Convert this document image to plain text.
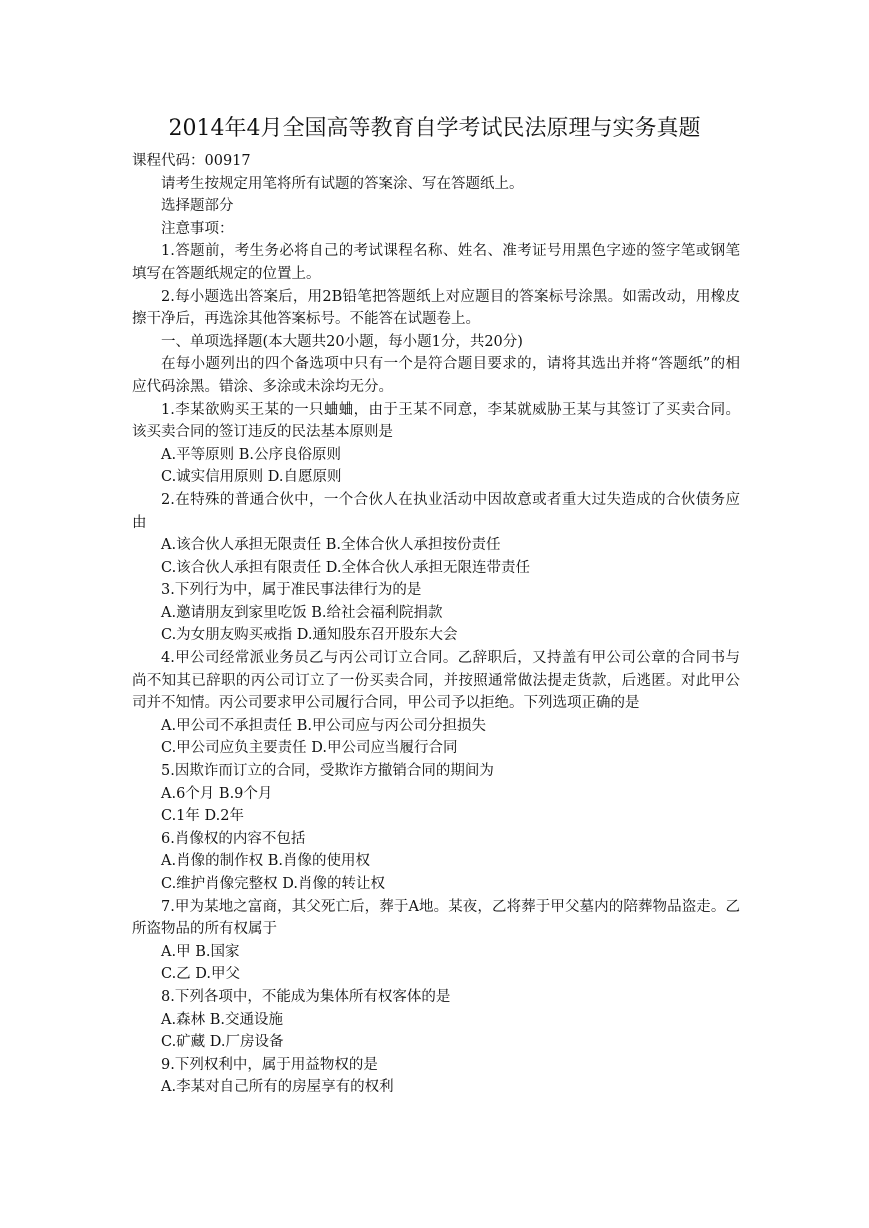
2014年4月全国高等教育自学考试民法原理与实务真题

课程代码：00917

请考生按规定用笔将所有试题的答案涂、写在答题纸上。

选择题部分

注意事项：

1.答题前，考生务必将自己的考试课程名称、姓名、准考证号用黑色字迹的签字笔或钢笔填写在答题纸规定的位置上。

2.每小题选出答案后，用2B铅笔把答题纸上对应题目的答案标号涂黑。如需改动，用橡皮擦干净后，再选涂其他答案标号。不能答在试题卷上。

一、单项选择题(本大题共20小题，每小题1分，共20分)

在每小题列出的四个备选项中只有一个是符合题目要求的，请将其选出并将“答题纸”的相应代码涂黑。错涂、多涂或未涂均无分。

1.李某欲购买王某的一只蛐蛐，由于王某不同意，李某就威胁王某与其签订了买卖合同。该买卖合同的签订违反的民法基本原则是

A.平等原则 B.公序良俗原则

C.诚实信用原则 D.自愿原则

2.在特殊的普通合伙中，一个合伙人在执业活动中因故意或者重大过失造成的合伙债务应由

A.该合伙人承担无限责任 B.全体合伙人承担按份责任

C.该合伙人承担有限责任 D.全体合伙人承担无限连带责任

3.下列行为中，属于准民事法律行为的是

A.邀请朋友到家里吃饭 B.给社会福利院捐款

C.为女朋友购买戒指 D.通知股东召开股东大会

4.甲公司经常派业务员乙与丙公司订立合同。乙辞职后，又持盖有甲公司公章的合同书与尚不知其已辞职的丙公司订立了一份买卖合同，并按照通常做法提走货款，后逃匿。对此甲公司并不知情。丙公司要求甲公司履行合同，甲公司予以拒绝。下列选项正确的是

A.甲公司不承担责任 B.甲公司应与丙公司分担损失

C.甲公司应负主要责任 D.甲公司应当履行合同

5.因欺诈而订立的合同，受欺诈方撤销合同的期间为

A.6个月 B.9个月

C.1年 D.2年

6.肖像权的内容不包括

A.肖像的制作权 B.肖像的使用权

C.维护肖像完整权 D.肖像的转让权

7.甲为某地之富商，其父死亡后，葬于A地。某夜，乙将葬于甲父墓内的陪葬物品盗走。乙所盗物品的所有权属于

A.甲 B.国家

C.乙 D.甲父

8.下列各项中，不能成为集体所有权客体的是

A.森林 B.交通设施

C.矿藏 D.厂房设备

9.下列权利中，属于用益物权的是

A.李某对自己所有的房屋享有的权利
